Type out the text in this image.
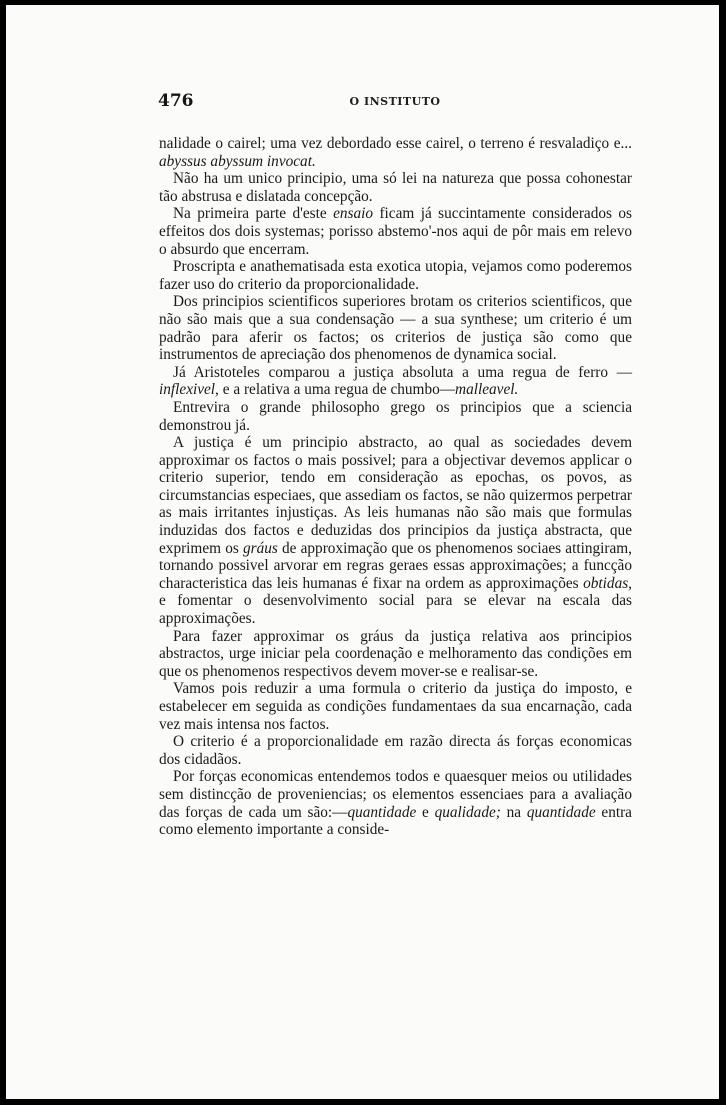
476	O INSTITUTO

nalidade o cairel; uma vez debordado esse cairel, o terreno é resvaladiço e... abyssus abyssum invocat.

Não ha um unico principio, uma só lei na natureza que possa cohonestar tão abstrusa e dislatada concepção.

Na primeira parte d'este ensaio ficam já succintamente considerados os effeitos dos dois systemas; porisso abstemo'-nos aqui de pôr mais em relevo o absurdo que encerram.

Proscripta e anathematisada esta exotica utopia, vejamos como poderemos fazer uso do criterio da proporcionalidade.

Dos principios scientificos superiores brotam os criterios scientificos, que não são mais que a sua condensação — a sua synthese; um criterio é um padrão para aferir os factos; os criterios de justiça são como que instrumentos de apreciação dos phenomenos de dynamica social.

Já Aristoteles comparou a justiça absoluta a uma regua de ferro —inflexivel, e a relativa a uma regua de chumbo—malleavel.

Entrevira o grande philosopho grego os principios que a sciencia demonstrou já.

A justiça é um principio abstracto, ao qual as sociedades devem approximar os factos o mais possivel; para a objectivar devemos applicar o criterio superior, tendo em consideração as epochas, os povos, as circumstancias especiaes, que assediam os factos, se não quizermos perpetrar as mais irritantes injustiças. As leis humanas não são mais que formulas induzidas dos factos e deduzidas dos principios da justiça abstracta, que exprimem os gráus de approximação que os phenomenos sociaes attingiram, tornando possivel arvorar em regras geraes essas approximações; a funcção characteristica das leis humanas é fixar na ordem as approximações obtidas, e fomentar o desenvolvimento social para se elevar na escala das approximações.

Para fazer approximar os gráus da justiça relativa aos principios abstractos, urge iniciar pela coordenação e melhoramento das condições em que os phenomenos respectivos devem mover-se e realisar-se.

Vamos pois reduzir a uma formula o criterio da justiça do imposto, e estabelecer em seguida as condições fundamentaes da sua encarnação, cada vez mais intensa nos factos.

O criterio é a proporcionalidade em razão directa ás forças economicas dos cidadãos.

Por forças economicas entendemos todos e quaesquer meios ou utilidades sem distincção de proveniencias; os elementos essenciaes para a avaliação das forças de cada um são:—quantidade e qualidade; na quantidade entra como elemento importante a conside-
